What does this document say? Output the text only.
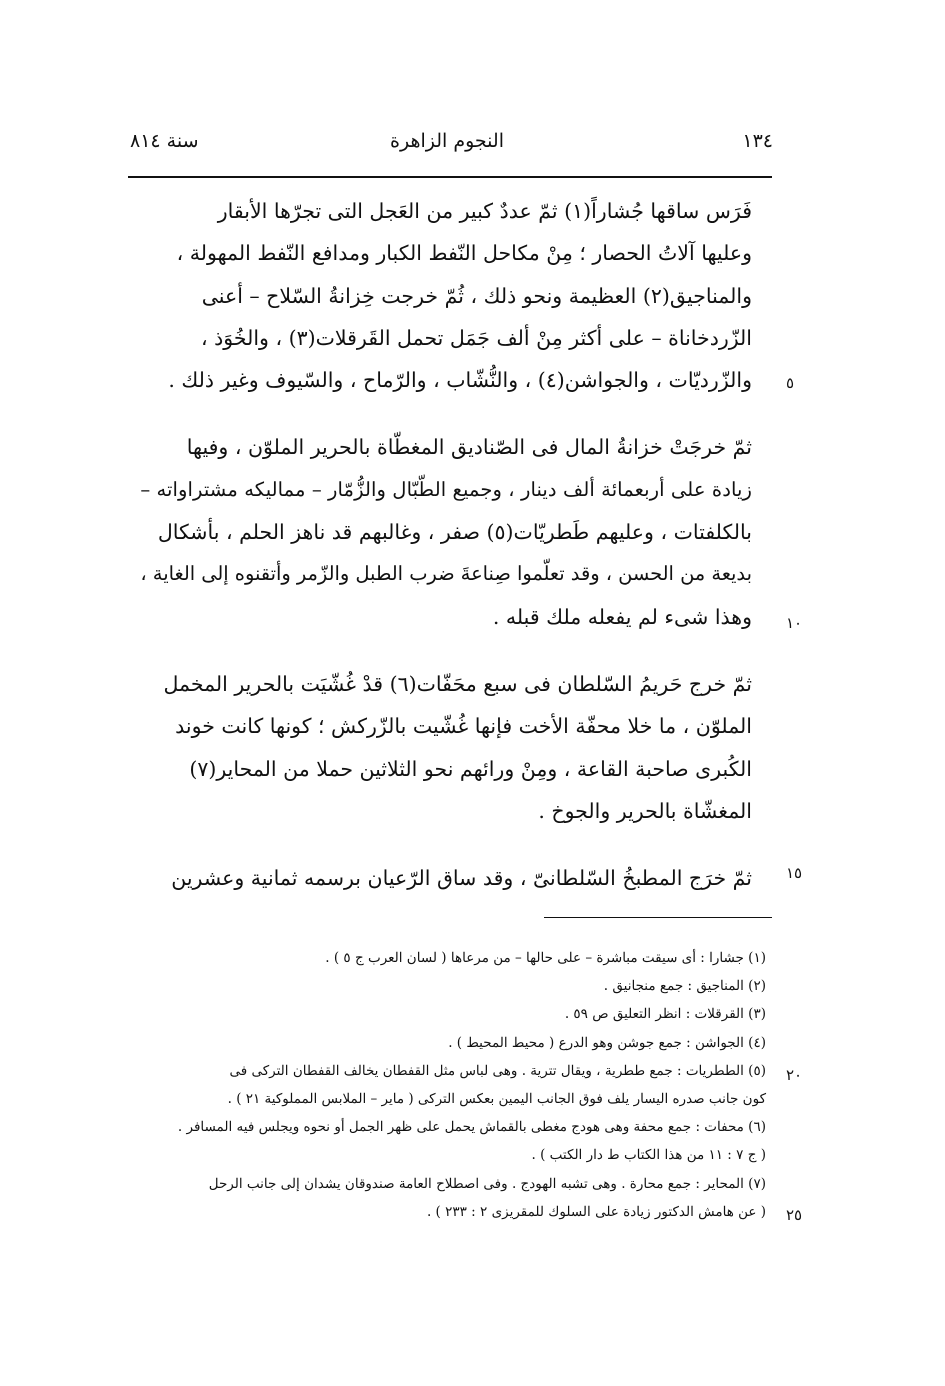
١٣٤
النجوم الزاهرة
سنة ٨١٤

فَرَس ساقها جُشاراً(١) ثمّ عددٌ كبير من العَجل التى تجرّها الأبقار
وعليها آلاتُ الحصار ؛ مِنْ مكاحل النّفط الكبار ومدافع النّفط المهولة ،
والمناجيق(٢) العظيمة ونحو ذلك ، ثُمّ خرجت خِزانةُ السّلاح – أعنى
الزّردخاناة – على أكثر مِنْ ألف جَمَل تحمل القَرقلات(٣) ، والخُوَذ ،
والزّرديّات ، والجواشن(٤) ، والنُّشّاب ، والرّماح ، والسّيوف وغير ذلك .

ثمّ خرجَتْ خزانةُ المال فى الصّناديق المغطّاة بالحرير الملوّن ، وفيها
زيادة على أربعمائة ألف دينار ، وجميع الطّبّال والزُّمّار – مماليكه مشتراواته –
بالكلفتات ، وعليهم طَطريّات(٥) صفر ، وغالبهم قد ناهز الحلم ، بأشكال
بديعة من الحسن ، وقد تعلّموا صِناعةَ ضرب الطبل والزّمر وأتقنوه إلى الغاية ،
وهذا شىء لم يفعله ملك قبله .

ثمّ خرج حَريمُ السّلطان فى سبع محَفّات(٦) قدْ غُشّيَت بالحرير المخمل
الملوّن ، ما خلا محفّة الأخت فإنها غُشّيت بالزّركش ؛ كونها كانت خوند
الكُبرى صاحبة القاعة ، ومِنْ ورائهم نحو الثلاثين حملا من المحاير(٧)
المغشّاة بالحرير والجوخ .

ثمّ خرَج المطبخُ السّلطانىّ ، وقد ساق الرّعيان برسمه ثمانية وعشرين

٥
١٠
١٥
٢٠
٢٥
(١) جشارا : أى سيقت مباشرة – على حالها – من مرعاها ( لسان العرب ج ٥ ) .
(٢) المناجيق : جمع منجانيق .
(٣) القرقلات : انظر التعليق ص ٥٩ .
(٤) الجواشن : جمع جوشن وهو الدرع ( محيط المحيط ) .
(٥) الططريات : جمع ططرية ، ويقال تترية . وهى لباس مثل القفطان يخالف القفطان التركى فى
كون جانب صدره اليسار يلف فوق الجانب اليمين بعكس التركى ( ماير – الملابس المملوكية ٢١ ) .
(٦) محفات : جمع محفة وهى هودج مغطى بالقماش يحمل على ظهر الجمل أو نحوه ويجلس فيه المسافر .
( ج ٧ : ١١ من هذا الكتاب ط دار الكتب ) .
(٧) المحاير : جمع محارة . وهى تشبه الهودج . وفى اصطلاح العامة صندوقان يشدان إلى جانب الرحل
( عن هامش الدكتور زيادة على السلوك للمقريزى ٢ : ٢٣٣ ) .
